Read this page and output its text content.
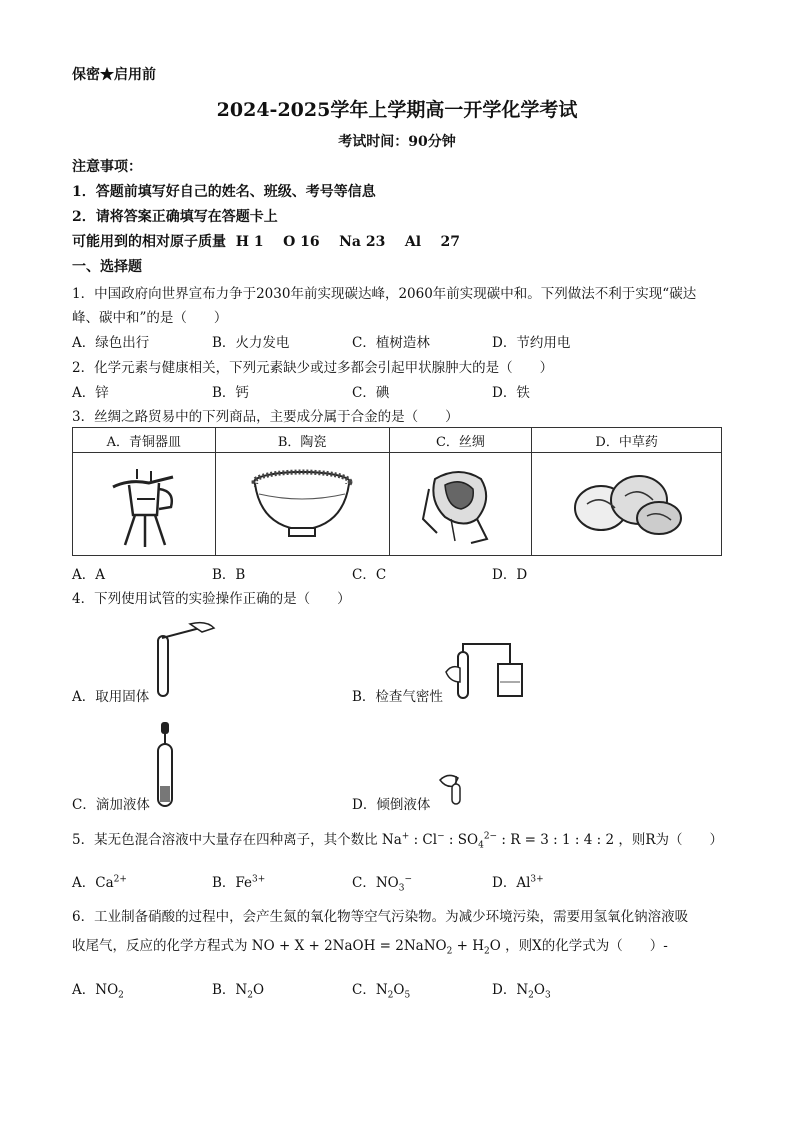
保密★启用前
2024-2025学年上学期高一开学化学考试
考试时间：90分钟
注意事项：
1．答题前填写好自己的姓名、班级、考号等信息
2．请将答案正确填写在答题卡上
可能用到的相对原子质量  H 1    O 16    Na 23    Al    27
一、选择题
1．中国政府向世界宣布力争于2030年前实现碳达峰，2060年前实现碳中和。下列做法不利于实现“碳达
峰、碳中和”的是（　　）
A．绿色出行	B．火力发电	C．植树造林	D．节约用电
2．化学元素与健康相关，下列元素缺少或过多都会引起甲状腺肿大的是（　　）
A．锌	B．钙	C．碘	D．铁
3．丝绸之路贸易中的下列商品，主要成分属于合金的是（　　）
A．青铜器皿	B．陶瓷	C．丝绸	D．中草药

A．A	B．B	C．C	D．D
4．下列使用试管的实验操作正确的是（　　）
A．取用固体	B．检查气密性
C．滴加液体	D．倾倒液体
5．某无色混合溶液中大量存在四种离子，其个数比 Na+ : Cl− : $SO_4^{2-}$ : R = 3 : 1 : 4 : 2 ，则R为（　　）
A．$Ca^{2+}$	B．$Fe^{3+}$	C．$NO_3^-$	D．$Al^{3+}$
6．工业制备硝酸的过程中，会产生氮的氧化物等空气污染物。为减少环境污染，需要用氢氧化钠溶液吸
收尾气，反应的化学方程式为 NO + X + 2NaOH = 2NaNO$_2$ + $H_2O$ ，则X的化学式为（　　）-
A．$NO_2$	B．$N_2O$	C．$N_2O_5$	D．$N_2O_3$
